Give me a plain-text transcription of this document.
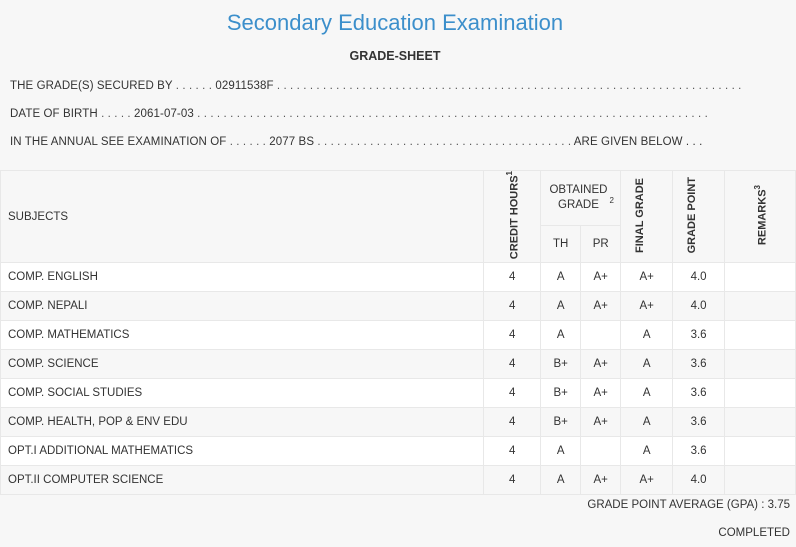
Secondary Education Examination
GRADE-SHEET
THE GRADE(S) SECURED BY . . . . . . 02911538F . . . . . . . . . . . . . . . . . . . . . . . . . . . . . . . . . . . . . . . . . . . . . . . . . . . . . . . . . . . . . . . . . . . . . . .
DATE OF BIRTH . . . . . 2061-07-03 . . . . . . . . . . . . . . . . . . . . . . . . . . . . . . . . . . . . . . . . . . . . . . . . . . . . . . . . . . . . . . . . . . . . . . . . . . . . . .
IN THE ANNUAL SEE EXAMINATION OF . . . . . . 2077 BS . . . . . . . . . . . . . . . . . . . . . . . . . . . . . . . . . . . . . . . ARE GIVEN BELOW . . .
SUBJECTS	CREDIT HOURS$^1$	OBTAINED GRADE $^2$		FINAL GRADE	GRADE POINT	REMARKS$^3$
		TH	PR			
COMP. ENGLISH	4	A	A+	A+	4.0	
COMP. NEPALI	4	A	A+	A+	4.0	
COMP. MATHEMATICS	4	A		A	3.6	
COMP. SCIENCE	4	B+	A+	A	3.6	
COMP. SOCIAL STUDIES	4	B+	A+	A	3.6	
COMP. HEALTH, POP & ENV EDU	4	B+	A+	A	3.6	
OPT.I ADDITIONAL MATHEMATICS	4	A		A	3.6	
OPT.II COMPUTER SCIENCE	4	A	A+	A+	4.0	
GRADE POINT AVERAGE (GPA) : 3.75
COMPLETED
